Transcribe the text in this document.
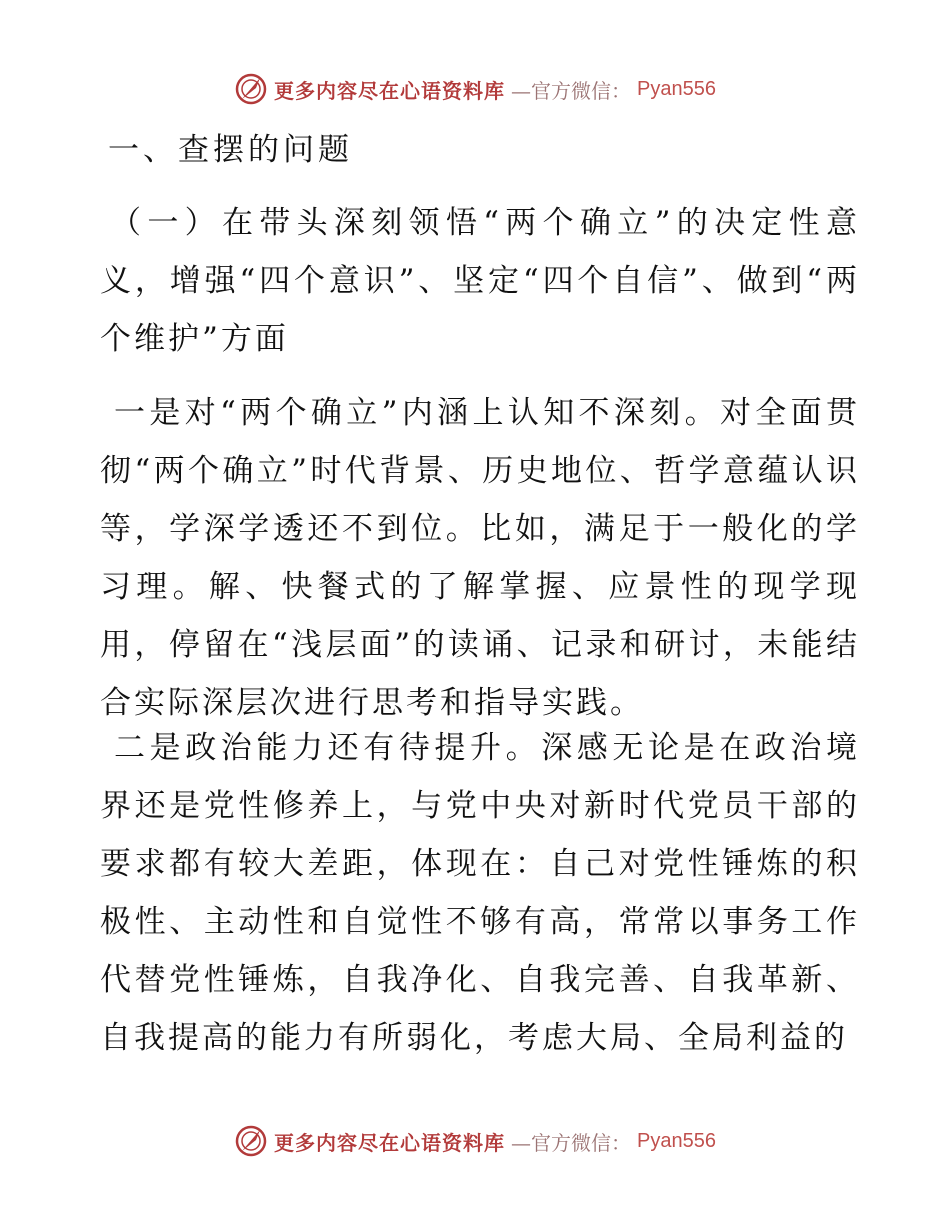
更多内容尽在心语资料库 —官方微信： Pyan556
一、查摆的问题
（一）在带头深刻领悟“两个确立”的决定性意义，增强“四个意识”、坚定“四个自信”、做到“两个维护”方面
一是对“两个确立”内涵上认知不深刻。对全面贯彻“两个确立”时代背景、历史地位、哲学意蕴认识等，学深学透还不到位。比如，满足于一般化的学习理。解、快餐式的了解掌握、应景性的现学现用，停留在“浅层面”的读诵、记录和研讨，未能结合实际深层次进行思考和指导实践。
二是政治能力还有待提升。深感无论是在政治境界还是党性修养上，与党中央对新时代党员干部的要求都有较大差距，体现在：自己对党性锤炼的积极性、主动性和自觉性不够有高，常常以事务工作代替党性锤炼，自我净化、自我完善、自我革新、自我提高的能力有所弱化，考虑大局、全局利益的
更多内容尽在心语资料库 —官方微信： Pyan556
